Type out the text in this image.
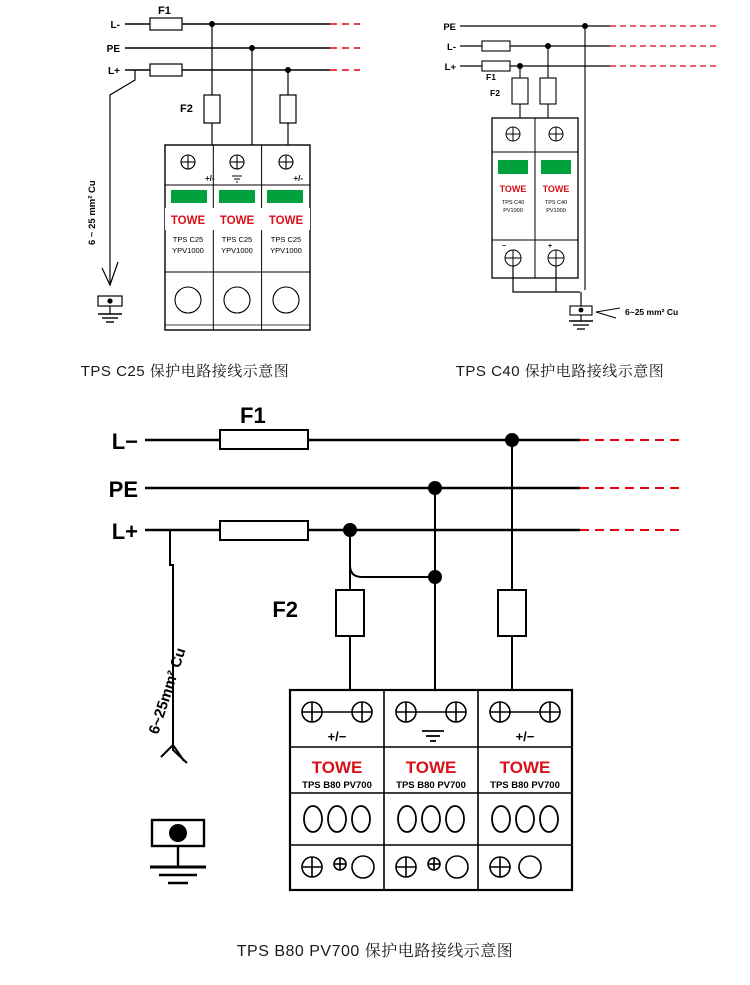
L-
PE
L+
F1
F2
6 ~ 25 mm² Cu
+/-	+/-
TOWE TOWE TOWE
TPS C25
YPV1000
TPS C25
YPV1000
TPS C25
YPV1000
TPS C25 保护电路接线示意图
TOWE TOWE
TPS C40
PV1000
TPS C40
PV1000
−	+
PE
L-
L+
F1
F2
6~25 mm² Cu
TPS C40 保护电路接线示意图
+/−	+/−
TOWE	TOWE	TOWE
TPS B80 PV700	TPS B80 PV700	TPS B80 PV700
L−
PE
L+
F1
F2
6~25mm² Cu
TPS B80 PV700 保护电路接线示意图
